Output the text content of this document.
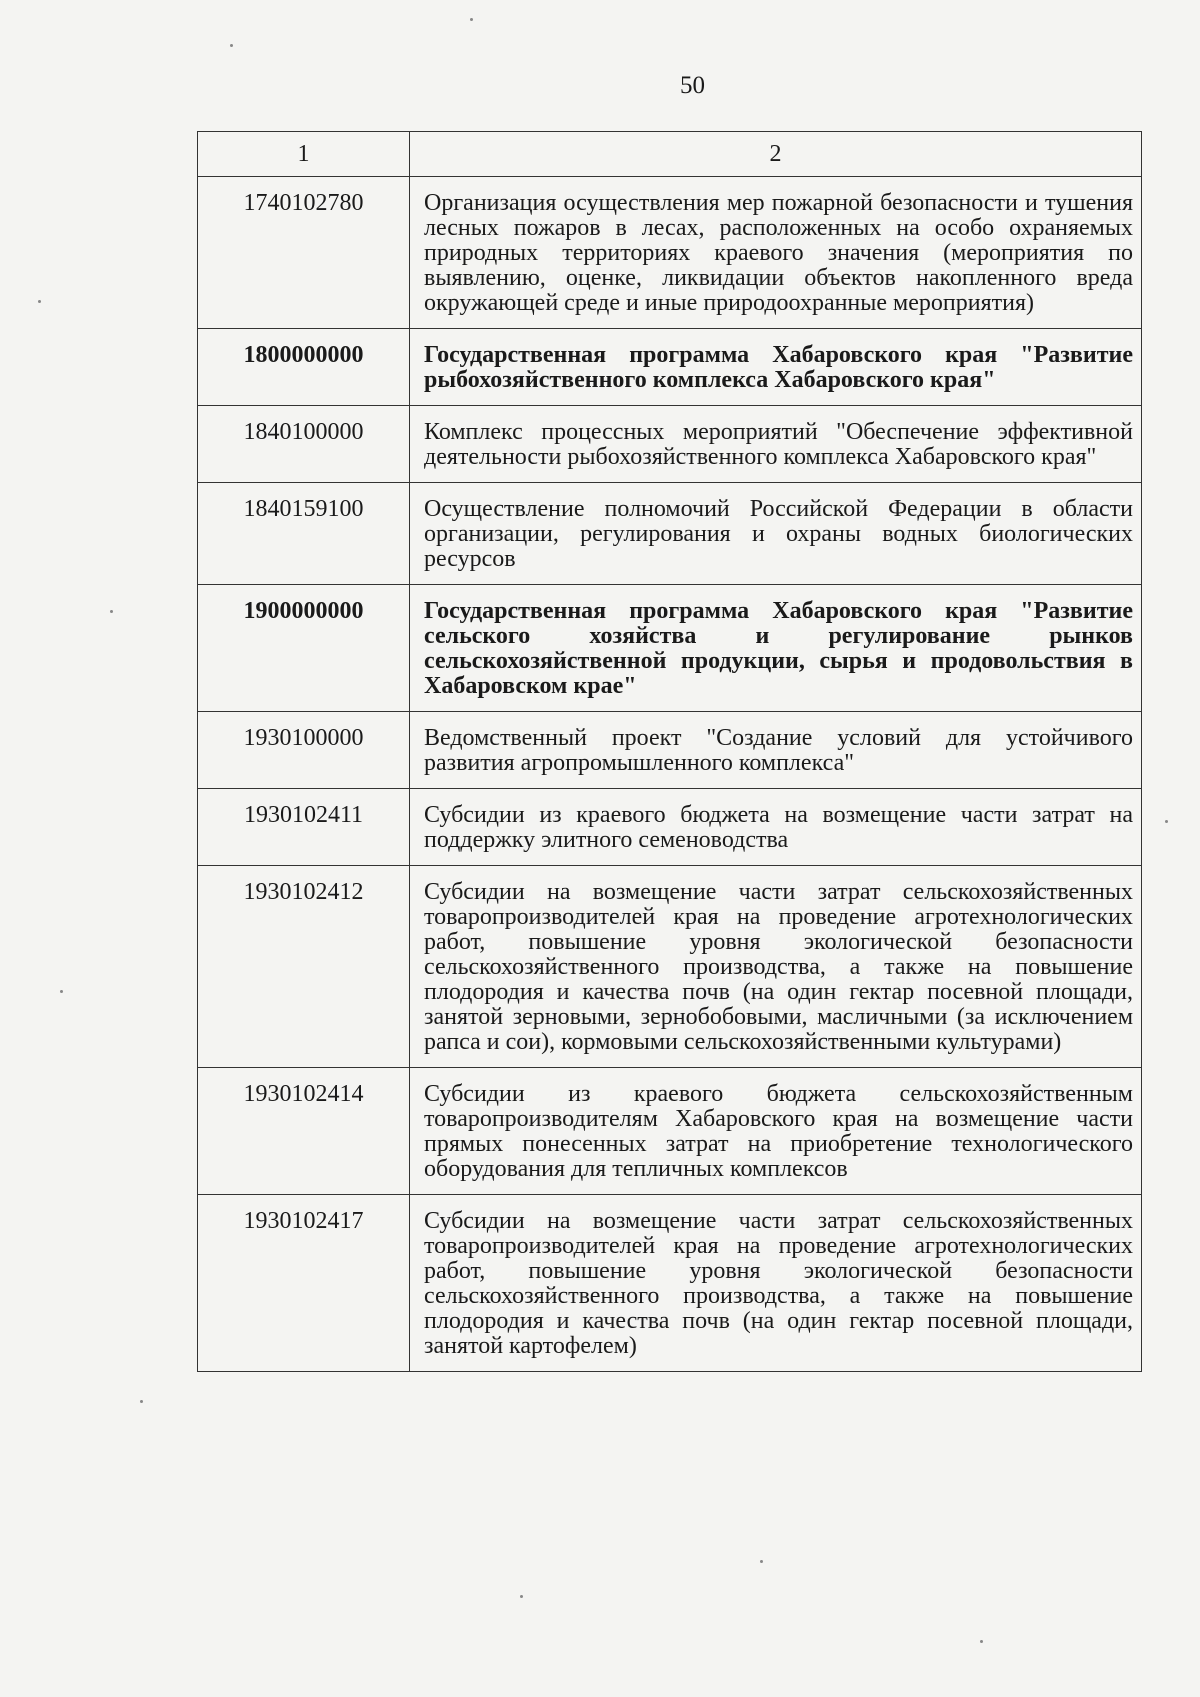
50
1	2
1740102780	Организация осуществления мер пожарной безопасности и тушения лесных пожаров в лесах, расположенных на особо охраняемых природных территориях краевого значения (мероприятия по выявлению, оценке, ликвидации объектов накопленного вреда окружающей среде и иные природоохранные мероприятия)
1800000000	Государственная программа Хабаровского края "Развитие рыбохозяйственного комплекса Хабаровского края"
1840100000	Комплекс процессных мероприятий "Обеспечение эффективной деятельности рыбохозяйственного комплекса Хабаровского края"
1840159100	Осуществление полномочий Российской Федерации в области организации, регулирования и охраны водных биологических ресурсов
1900000000	Государственная программа Хабаровского края "Развитие сельского хозяйства и регулирование рынков сельскохозяйственной продукции, сырья и продовольствия в Хабаровском крае"
1930100000	Ведомственный проект "Создание условий для устойчивого развития агропромышленного комплекса"
1930102411	Субсидии из краевого бюджета на возмещение части затрат на поддержку элитного семеноводства
1930102412	Субсидии на возмещение части затрат сельскохозяйственных товаропроизводителей края на проведение агротехнологических работ, повышение уровня экологической безопасности сельскохозяйственного производства, а также на повышение плодородия и качества почв (на один гектар посевной площади, занятой зерновыми, зернобобовыми, масличными (за исключением рапса и сои), кормовыми сельскохозяйственными культурами)
1930102414	Субсидии из краевого бюджета сельскохозяйственным товаропроизводителям Хабаровского края на возмещение части прямых понесенных затрат на приобретение технологического оборудования для тепличных комплексов
1930102417	Субсидии на возмещение части затрат сельскохозяйственных товаропроизводителей края на проведение агротехнологических работ, повышение уровня экологической безопасности сельскохозяйственного производства, а также на повышение плодородия и качества почв (на один гектар посевной площади, занятой картофелем)
